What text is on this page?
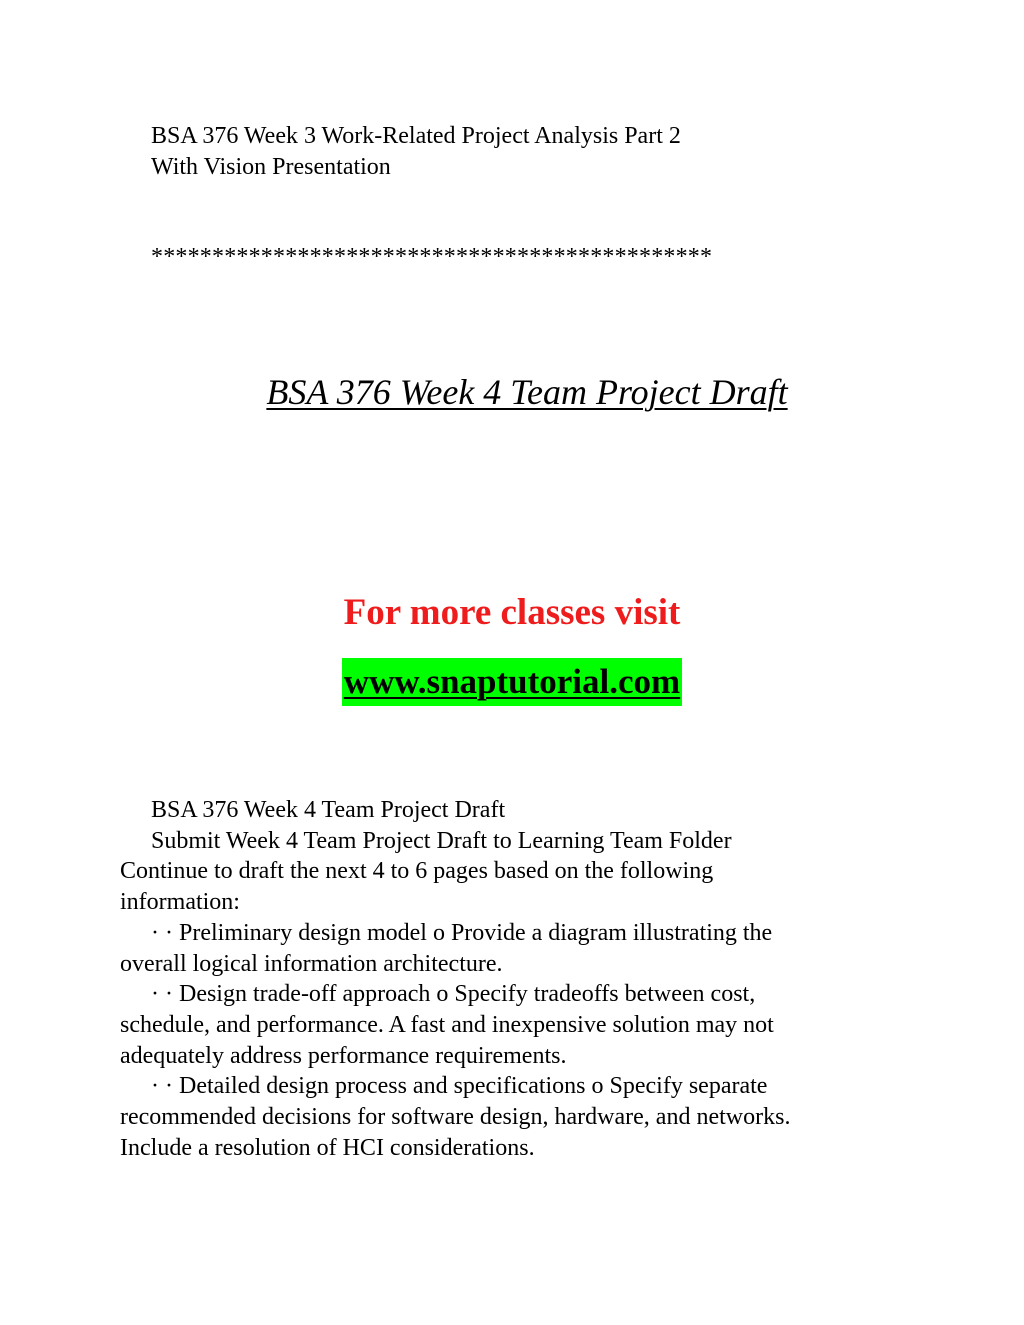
BSA 376 Week 3 Work-Related Project Analysis Part 2
With Vision Presentation
**********************************************
BSA 376 Week 4 Team Project Draft
For more classes visit
www.snaptutorial.com
BSA 376 Week 4 Team Project Draft
Submit Week 4 Team Project Draft to Learning Team Folder
Continue to draft the next 4 to 6 pages based on the following
information:
· · Preliminary design model o Provide a diagram illustrating the
overall logical information architecture.
· · Design trade-off approach o Specify tradeoffs between cost,
schedule, and performance. A fast and inexpensive solution may not
adequately address performance requirements.
· · Detailed design process and specifications o Specify separate
recommended decisions for software design, hardware, and networks.
Include a resolution of HCI considerations.
